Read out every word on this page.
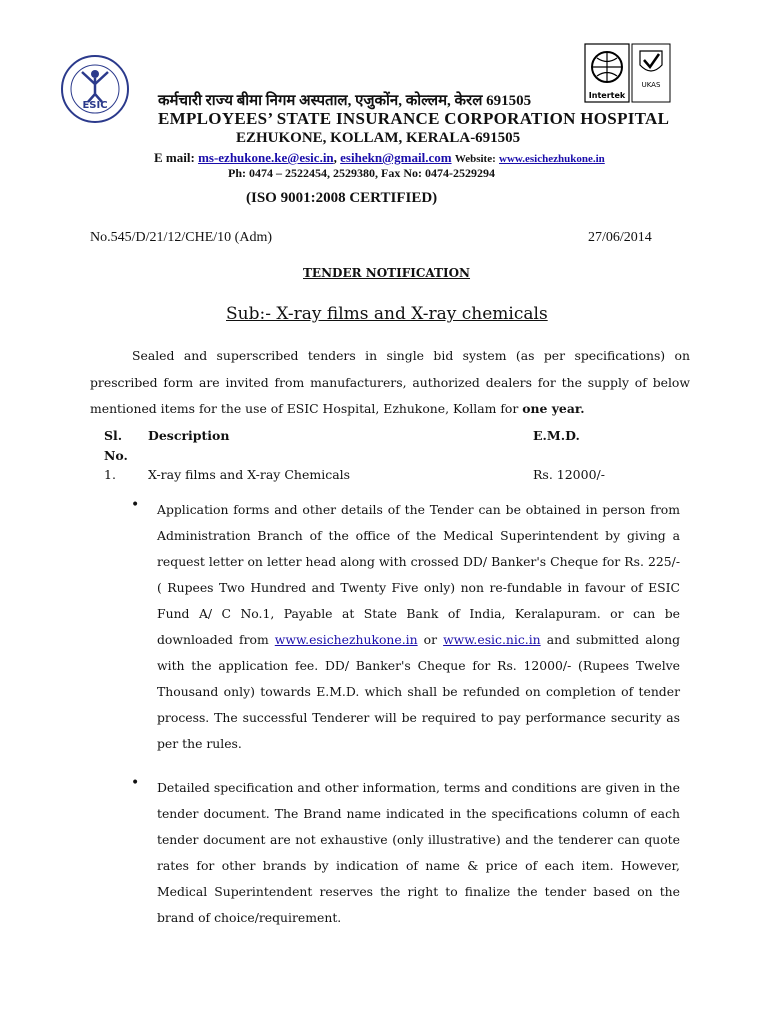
ESIC
Intertek
UKAS
कर्मचारी राज्य बीमा निगम अस्पताल, एजुकोंन, कोल्लम, केरल 691505
EMPLOYEES’ STATE INSURANCE CORPORATION HOSPITAL
EZHUKONE, KOLLAM, KERALA-691505
E mail: ms-ezhukone.ke@esic.in, esihekn@gmail.com Website: www.esichezhukone.in
Ph: 0474 – 2522454, 2529380, Fax No: 0474-2529294
(ISO 9001:2008 CERTIFIED)
No.545/D/21/12/CHE/10 (Adm)	27/06/2014
TENDER NOTIFICATION
Sub:- X-ray films and X-ray chemicals
Sealed and superscribed tenders in single bid system (as per specifications) on prescribed form are invited from manufacturers, authorized dealers for the supply of below mentioned items for the use of ESIC Hospital, Ezhukone, Kollam for one year.
Sl.
No.
Description	E.M.D.
1.	X-ray films and X-ray Chemicals	Rs. 12000/-
• Application forms and other details of the Tender can be obtained in person from Administration Branch of the office of the Medical Superintendent by giving a request letter on letter head along with crossed DD/ Banker's Cheque for Rs. 225/- ( Rupees Two Hundred and Twenty Five only) non re-fundable in favour of ESIC Fund A/ C No.1, Payable at State Bank of India, Keralapuram. or can be downloaded from www.esichezhukone.in or www.esic.nic.in and submitted along with the application fee. DD/ Banker's Cheque for Rs. 12000/- (Rupees Twelve Thousand only) towards E.M.D. which shall be refunded on completion of tender process. The successful Tenderer will be required to pay performance security as per the rules.
• Detailed specification and other information, terms and conditions are given in the tender document. The Brand name indicated in the specifications column of each tender document are not exhaustive (only illustrative) and the tenderer can quote rates for other brands by indication of name & price of each item. However, Medical Superintendent reserves the right to finalize the tender based on the brand of choice/requirement.
